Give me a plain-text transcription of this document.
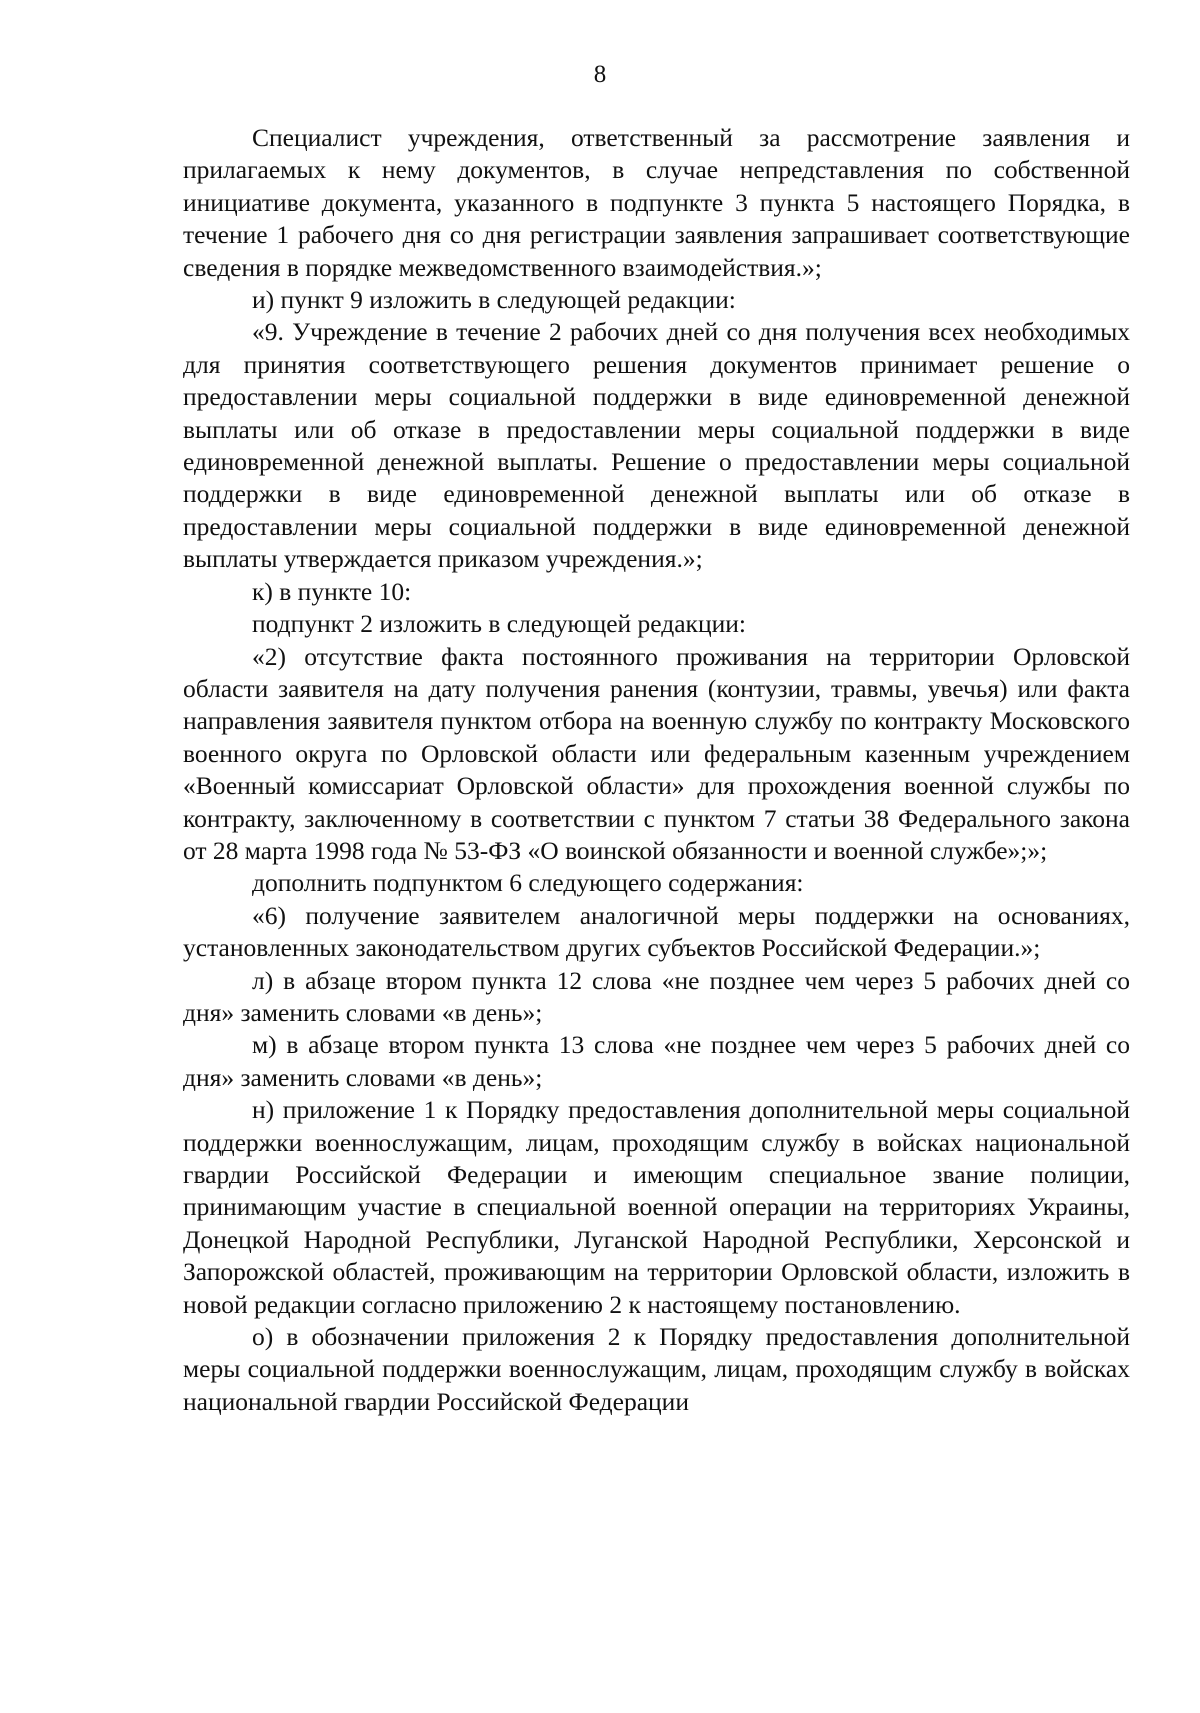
8

Специалист учреждения, ответственный за рассмотрение заявления и прилагаемых к нему документов, в случае непредставления по собственной инициативе документа, указанного в подпункте 3 пункта 5 настоящего Порядка, в течение 1 рабочего дня со дня регистрации заявления запрашивает соответствующие сведения в порядке межведомственного взаимодействия.»;

и) пункт 9 изложить в следующей редакции:

«9. Учреждение в течение 2 рабочих дней со дня получения всех необходимых для принятия соответствующего решения документов принимает решение о предоставлении меры социальной поддержки в виде единовременной денежной выплаты или об отказе в предоставлении меры социальной поддержки в виде единовременной денежной выплаты. Решение о предоставлении меры социальной поддержки в виде единовременной денежной выплаты или об отказе в предоставлении меры социальной поддержки в виде единовременной денежной выплаты утверждается приказом учреждения.»;

к) в пункте 10:

подпункт 2 изложить в следующей редакции:

«2) отсутствие факта постоянного проживания на территории Орловской области заявителя на дату получения ранения (контузии, травмы, увечья) или факта направления заявителя пунктом отбора на военную службу по контракту Московского военного округа по Орловской области или федеральным казенным учреждением «Военный комиссариат Орловской области» для прохождения военной службы по контракту, заключенному в соответствии с пунктом 7 статьи 38 Федерального закона от 28 марта 1998 года № 53-ФЗ «О воинской обязанности и военной службе»;»;

дополнить подпунктом 6 следующего содержания:

«6) получение заявителем аналогичной меры поддержки на основаниях, установленных законодательством других субъектов Российской Федерации.»;

л) в абзаце втором пункта 12 слова «не позднее чем через 5 рабочих дней со дня» заменить словами «в день»;

м) в абзаце втором пункта 13 слова «не позднее чем через 5 рабочих дней со дня» заменить словами «в день»;

н) приложение 1 к Порядку предоставления дополнительной меры социальной поддержки военнослужащим, лицам, проходящим службу в войсках национальной гвардии Российской Федерации и имеющим специальное звание полиции, принимающим участие в специальной военной операции на территориях Украины, Донецкой Народной Республики, Луганской Народной Республики, Херсонской и Запорожской областей, проживающим на территории Орловской области, изложить в новой редакции согласно приложению 2 к настоящему постановлению.

о) в обозначении приложения 2 к Порядку предоставления дополнительной меры социальной поддержки военнослужащим, лицам, проходящим службу в войсках национальной гвардии Российской Федерации
